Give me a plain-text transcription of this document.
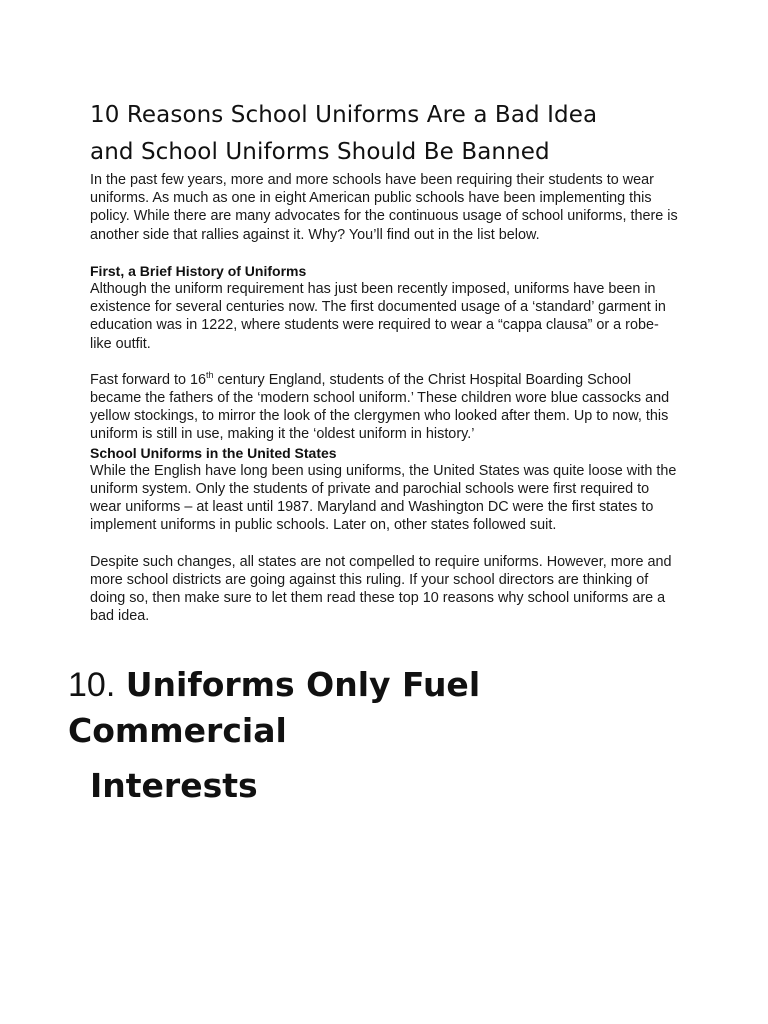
10 Reasons School Uniforms Are a Bad Idea
and School Uniforms Should Be Banned

In the past few years, more and more schools have been requiring their students to wear uniforms. As much as one in eight American public schools have been implementing this policy. While there are many advocates for the continuous usage of school uniforms, there is another side that rallies against it. Why? You’ll find out in the list below.

First, a Brief History of Uniforms

Although the uniform requirement has just been recently imposed, uniforms have been in existence for several centuries now. The first documented usage of a ‘standard’ garment in education was in 1222, where students were required to wear a “cappa clausa” or a robe-like outfit.

Fast forward to 16th century England, students of the Christ Hospital Boarding School became the fathers of the ‘modern school uniform.’ These children wore blue cassocks and yellow stockings, to mirror the look of the clergymen who looked after them. Up to now, this uniform is still in use, making it the ‘oldest uniform in history.’

School Uniforms in the United States

While the English have long been using uniforms, the United States was quite loose with the uniform system. Only the students of private and parochial schools were first required to wear uniforms – at least until 1987. Maryland and Washington DC were the first states to implement uniforms in public schools. Later on, other states followed suit.

Despite such changes, all states are not compelled to require uniforms. However, more and more school districts are going against this ruling. If your school directors are thinking of doing so, then make sure to let them read these top 10 reasons why school uniforms are a bad idea.

10. Uniforms Only Fuel Commercial
Interests
